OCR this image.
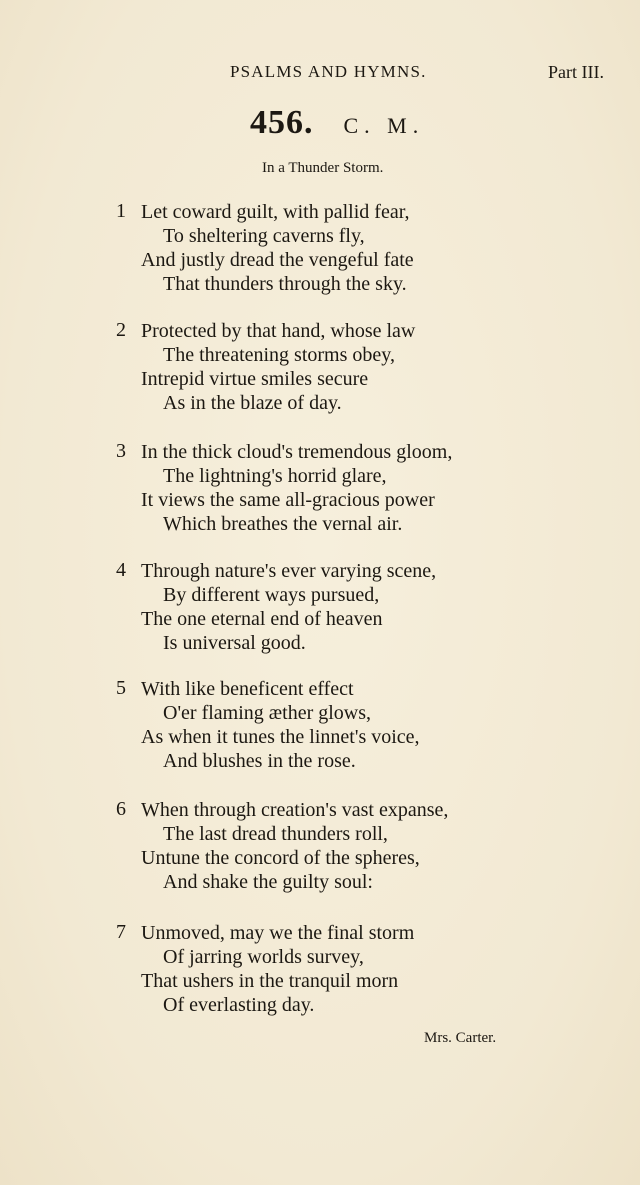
PSALMS AND HYMNS.	Part III.
456. C. M.
In a Thunder Storm.
1 Let coward guilt, with pallid fear,
To sheltering caverns fly,
And justly dread the vengeful fate
That thunders through the sky.
2 Protected by that hand, whose law
The threatening storms obey,
Intrepid virtue smiles secure
As in the blaze of day.
3 In the thick cloud's tremendous gloom,
The lightning's horrid glare,
It views the same all-gracious power
Which breathes the vernal air.
4 Through nature's ever varying scene,
By different ways pursued,
The one eternal end of heaven
Is universal good.
5 With like beneficent effect
O'er flaming æther glows,
As when it tunes the linnet's voice,
And blushes in the rose.
6 When through creation's vast expanse,
The last dread thunders roll,
Untune the concord of the spheres,
And shake the guilty soul:
7 Unmoved, may we the final storm
Of jarring worlds survey,
That ushers in the tranquil morn
Of everlasting day.
Mrs. Carter.
